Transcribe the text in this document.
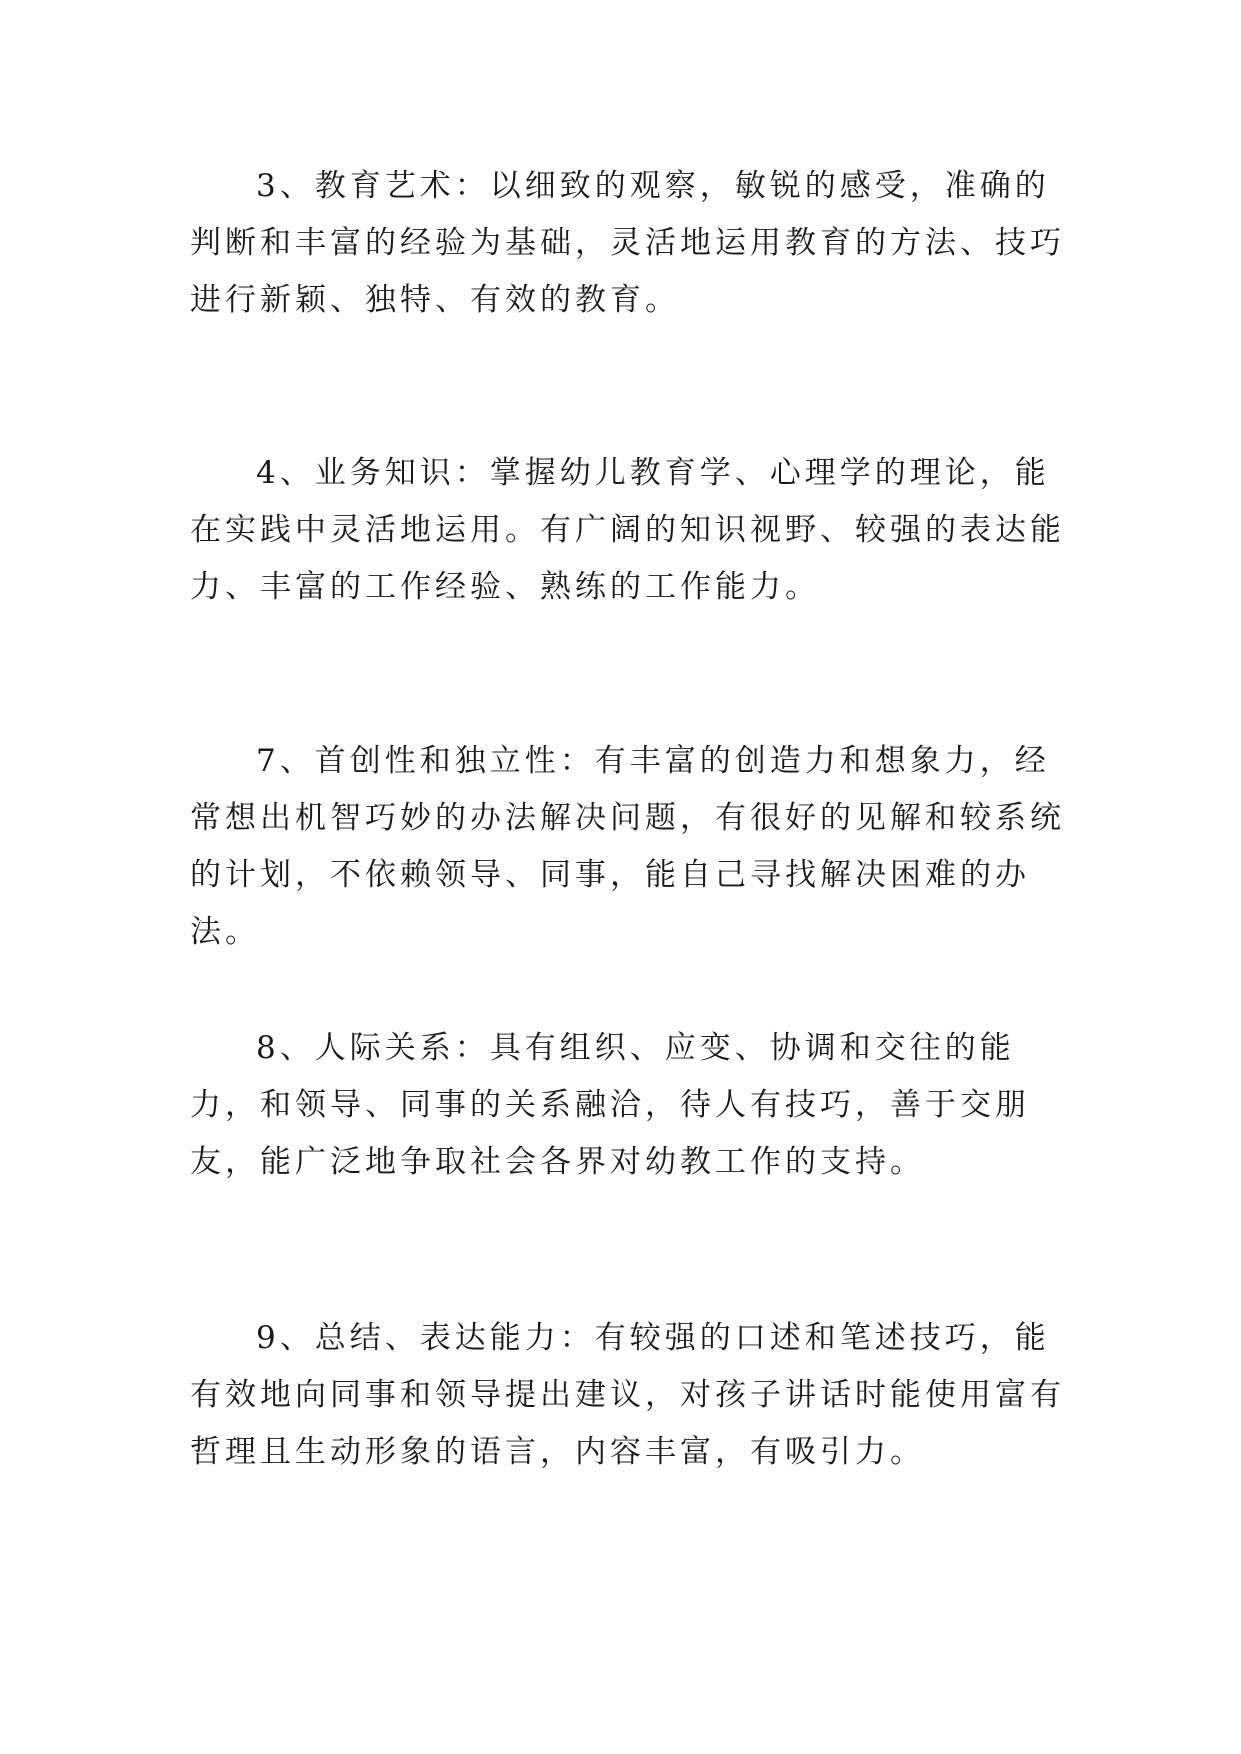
3、教育艺术：以细致的观察，敏锐的感受，准确的判断和丰富的经验为基础，灵活地运用教育的方法、技巧进行新颖、独特、有效的教育。

4、业务知识：掌握幼儿教育学、心理学的理论，能在实践中灵活地运用。有广阔的知识视野、较强的表达能力、丰富的工作经验、熟练的工作能力。

7、首创性和独立性：有丰富的创造力和想象力，经常想出机智巧妙的办法解决问题，有很好的见解和较系统的计划，不依赖领导、同事，能自己寻找解决困难的办法。

8、人际关系：具有组织、应变、协调和交往的能力，和领导、同事的关系融洽，待人有技巧，善于交朋友，能广泛地争取社会各界对幼教工作的支持。

9、总结、表达能力：有较强的口述和笔述技巧，能有效地向同事和领导提出建议，对孩子讲话时能使用富有哲理且生动形象的语言，内容丰富，有吸引力。
